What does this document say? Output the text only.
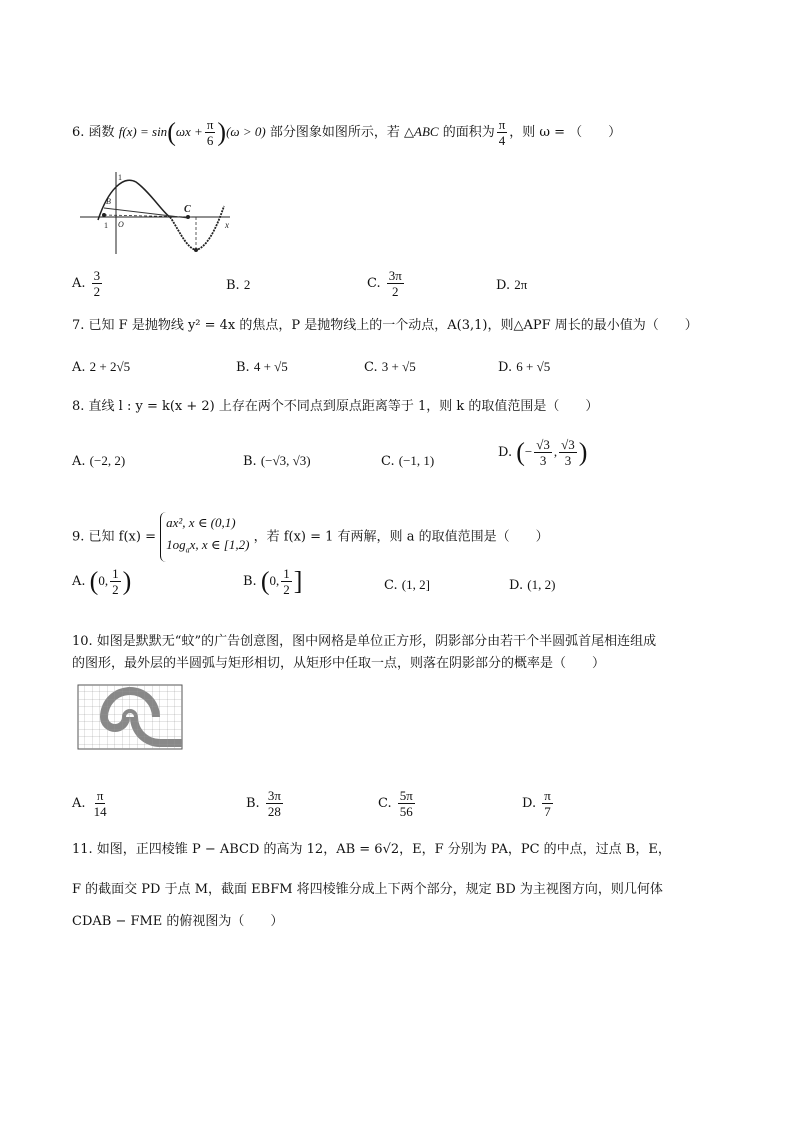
6. 函数 $f(x) = \sin(\omega x + \frac{\pi}{6} )(\omega > 0)$ 部分图象如图所示，若 △ABC 的面积为 $\frac{\pi}{4}$ ，则 ω = （　　）
1
B
O
C
x
1
A. $\frac{3}{2}$	B. 2	C. $\frac{3\pi}{2}$	D. 2π
7. 已知 F 是抛物线 y² = 4x 的焦点，P 是抛物线上的一个动点，A(3,1)，则△APF 周长的最小值为（　　）
A. 2 + 2√5	B. 4 + √5	C. 3 + √5	D. 6 + √5
8. 直线 l : y = k(x + 2) 上存在两个不同点到原点距离等于 1，则 k 的取值范围是（　　）
A. (−2, 2)	B. (−√3, √3)	C. (−1, 1)
D. (− $\frac{√3}{3}$ , $\frac{√3}{3}$ )
9. 已知 f(x) =
ax², x ∈ (0,1)
$1og_ax$, x ∈ [1,2)
，若 f(x) = 1 有两解，则 a 的取值范围是（　　）
A. (0, $\frac{1}{2}$ )	B. (0, $\frac{1}{2}$ ]	C. (1, 2]	D. (1, 2)
10. 如图是默默无“蚊”的广告创意图，图中网格是单位正方形，阴影部分由若干个半圆弧首尾相连组成
的图形，最外层的半圆弧与矩形相切，从矩形中任取一点，则落在阴影部分的概率是（　　）
A. $\frac{\pi}{14}$	B. $\frac{3\pi}{28}$	C. $\frac{5\pi}{56}$	D. $\frac{\pi}{7}$
11. 如图，正四棱锥 P − ABCD 的高为 12，AB = 6√2，E，F 分别为 PA，PC 的中点，过点 B，E，
F 的截面交 PD 于点 M，截面 EBFM 将四棱锥分成上下两个部分，规定 BD 为主视图方向，则几何体
CDAB − FME 的俯视图为（　　）
